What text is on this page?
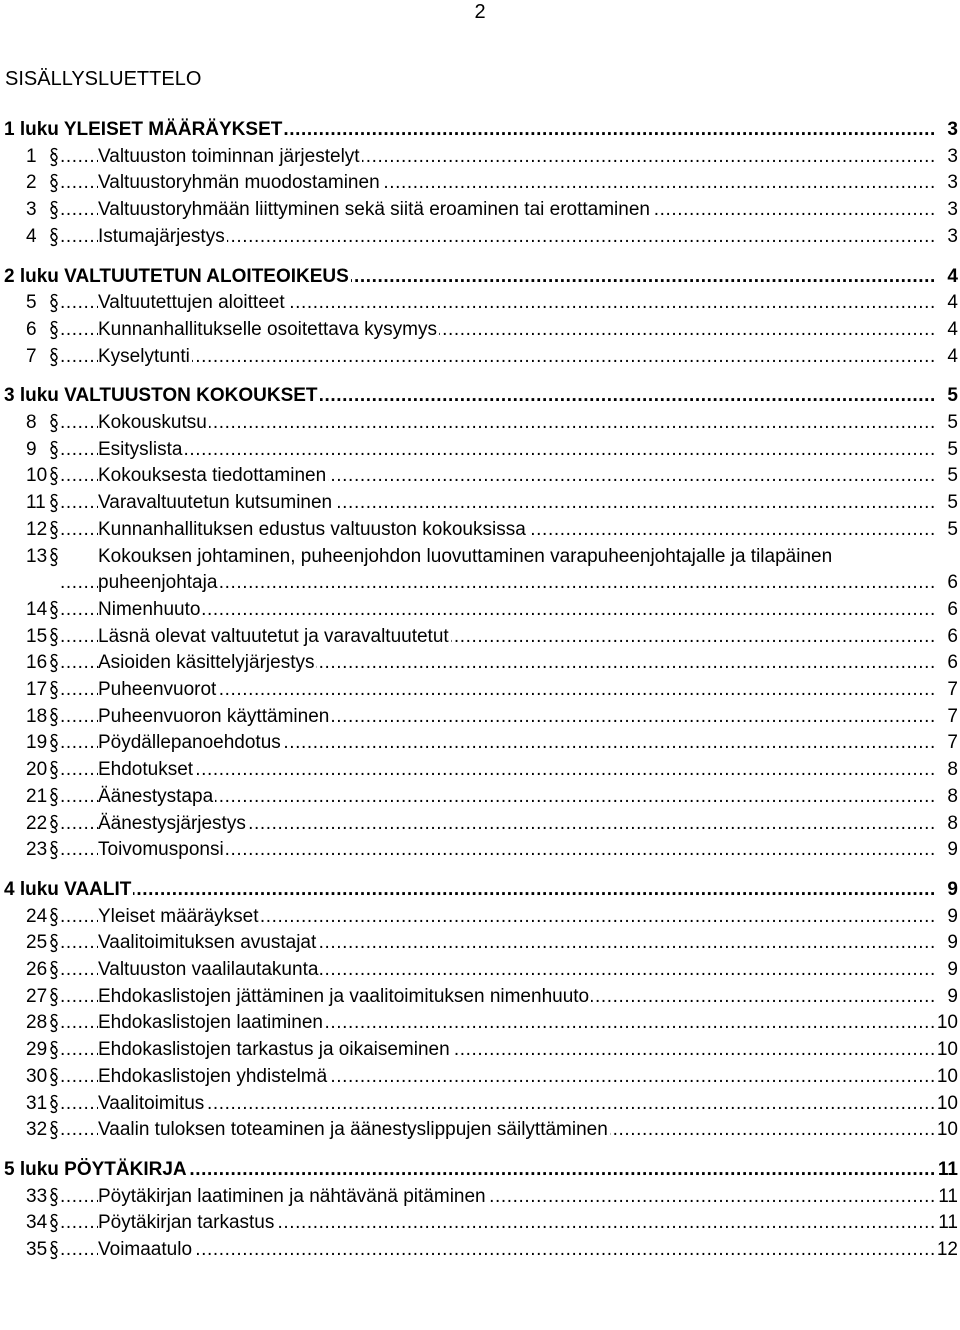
2
SISÄLLYSLUETTELO
1 luku YLEISET MÄÄRÄYKSET .....	3
1	Valtuuston toiminnan järjestelyt .....	3
2	Valtuustoryhmän muodostaminen .....	3
3	Valtuustoryhmään liittyminen sekä siitä eroaminen tai erottaminen .....	3
4	Istumajärjestys .....	3
2 luku VALTUUTETUN ALOITEOIKEUS .....	4
5	Valtuutettujen aloitteet .....	4
6	Kunnanhallitukselle osoitettava kysymys .....	4
7	Kyselytunti .....	4
3 luku VALTUUSTON KOKOUKSET .....	5
8	Kokouskutsu .....	5
9	Esityslista .....	5
10	Kokouksesta tiedottaminen .....	5
11	Varavaltuutetun kutsuminen .....	5
12	Kunnanhallituksen edustus valtuuston kokouksissa .....	5
13	Kokouksen johtaminen, puheenjohdon luovuttaminen varapuheenjohtajalle ja tilapäinen
puheenjohtaja .....	6
14	Nimenhuuto .....	6
15	Läsnä olevat valtuutetut ja varavaltuutetut .....	6
16	Asioiden käsittelyjärjestys .....	6
17	Puheenvuorot .....	7
18	Puheenvuoron käyttäminen .....	7
19	Pöydällepanoehdotus .....	7
20	Ehdotukset .....	8
21	Äänestystapa .....	8
22	Äänestysjärjestys .....	8
23	Toivomusponsi .....	9
4 luku VAALIT .....	9
24	Yleiset määräykset .....	9
25	Vaalitoimituksen avustajat .....	9
26	Valtuuston vaalilautakunta .....	9
27	Ehdokaslistojen jättäminen ja vaalitoimituksen nimenhuuto .....	9
28	Ehdokaslistojen laatiminen .....	10
29	Ehdokaslistojen tarkastus ja oikaiseminen .....	10
30	Ehdokaslistojen yhdistelmä .....	10
31	Vaalitoimitus .....	10
32	Vaalin tuloksen toteaminen ja äänestyslippujen säilyttäminen .....	10
5 luku PÖYTÄKIRJA .....	11
33	Pöytäkirjan laatiminen ja nähtävänä pitäminen .....	11
34	Pöytäkirjan tarkastus .....	11
35	Voimaatulo .....	12
